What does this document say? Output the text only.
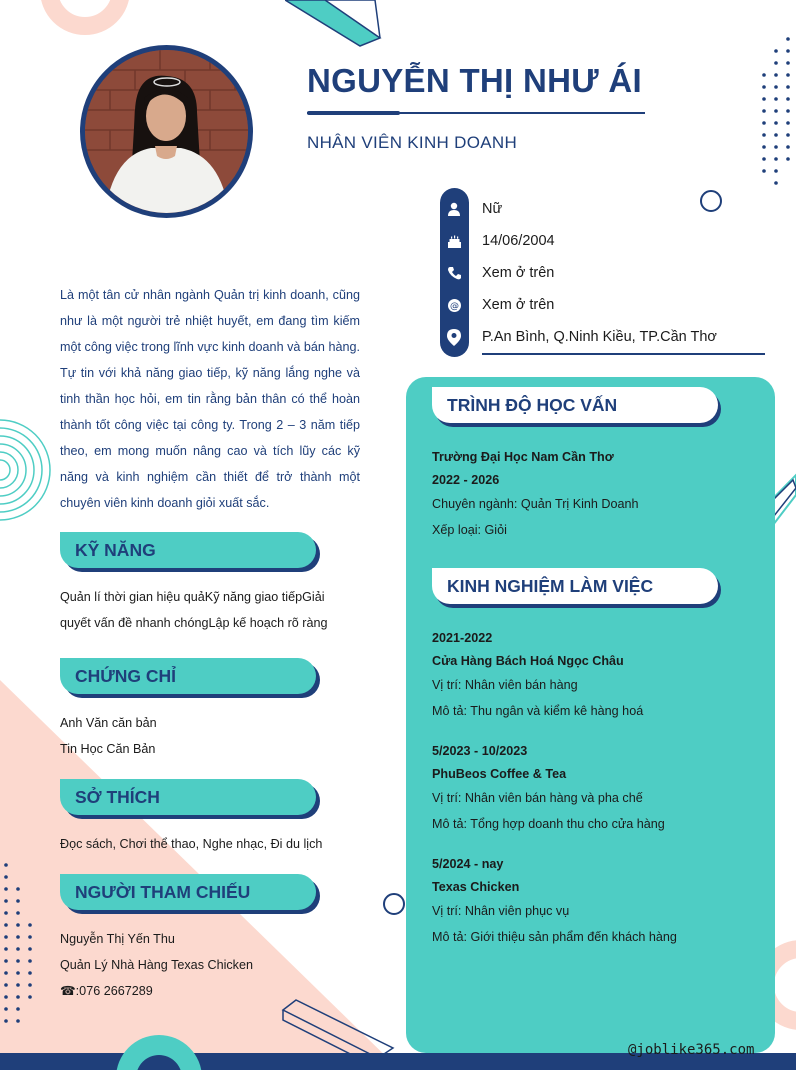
NGUYỄN THỊ NHƯ ÁI
NHÂN VIÊN KINH DOANH
Nữ
14/06/2004
Xem ở trên
@ Xem ở trên
P.An Bình, Q.Ninh Kiều, TP.Cần Thơ
Là một tân cử nhân ngành Quản trị kinh doanh, cũng như là một người trẻ nhiệt huyết, em đang tìm kiếm một công việc trong lĩnh vực kinh doanh và bán hàng. Tự tin với khả năng giao tiếp, kỹ năng lắng nghe và tinh thần học hỏi, em tin rằng bản thân có thể hoàn thành tốt công việc tại công ty. Trong 2 – 3 năm tiếp theo, em mong muốn nâng cao và tích lũy các kỹ năng và kinh nghiệm cần thiết để trở thành một chuyên viên kinh doanh giỏi xuất sắc.
KỸ NĂNG
Quản lí thời gian hiệu quảKỹ năng giao tiếpGiải quyết vấn đề nhanh chóngLập kế hoạch rõ ràng
CHỨNG CHỈ
Anh Văn căn bản
Tin Học Căn Bản
SỞ THÍCH
Đọc sách, Chơi thể thao, Nghe nhạc, Đi du lịch
NGƯỜI THAM CHIẾU
Nguyễn Thị Yến Thu
Quản Lý Nhà Hàng Texas Chicken
☎:076 2667289
TRÌNH ĐỘ HỌC VẤN
Trường Đại Học Nam Cần Thơ
2022 - 2026
Chuyên ngành: Quản Trị Kinh Doanh
Xếp loại: Giỏi
KINH NGHIỆM LÀM VIỆC
2021-2022
Cửa Hàng Bách Hoá Ngọc Châu
Vị trí: Nhân viên bán hàng
Mô tả: Thu ngân và kiểm kê hàng hoá
5/2023 - 10/2023
PhuBeos Coffee & Tea
Vị trí: Nhân viên bán hàng và pha chế
Mô tả: Tổng hợp doanh thu cho cửa hàng
5/2024 - nay
Texas Chicken
Vị trí: Nhân viên phục vụ
Mô tả: Giới thiệu sản phẩm đến khách hàng
@joblike365.com
